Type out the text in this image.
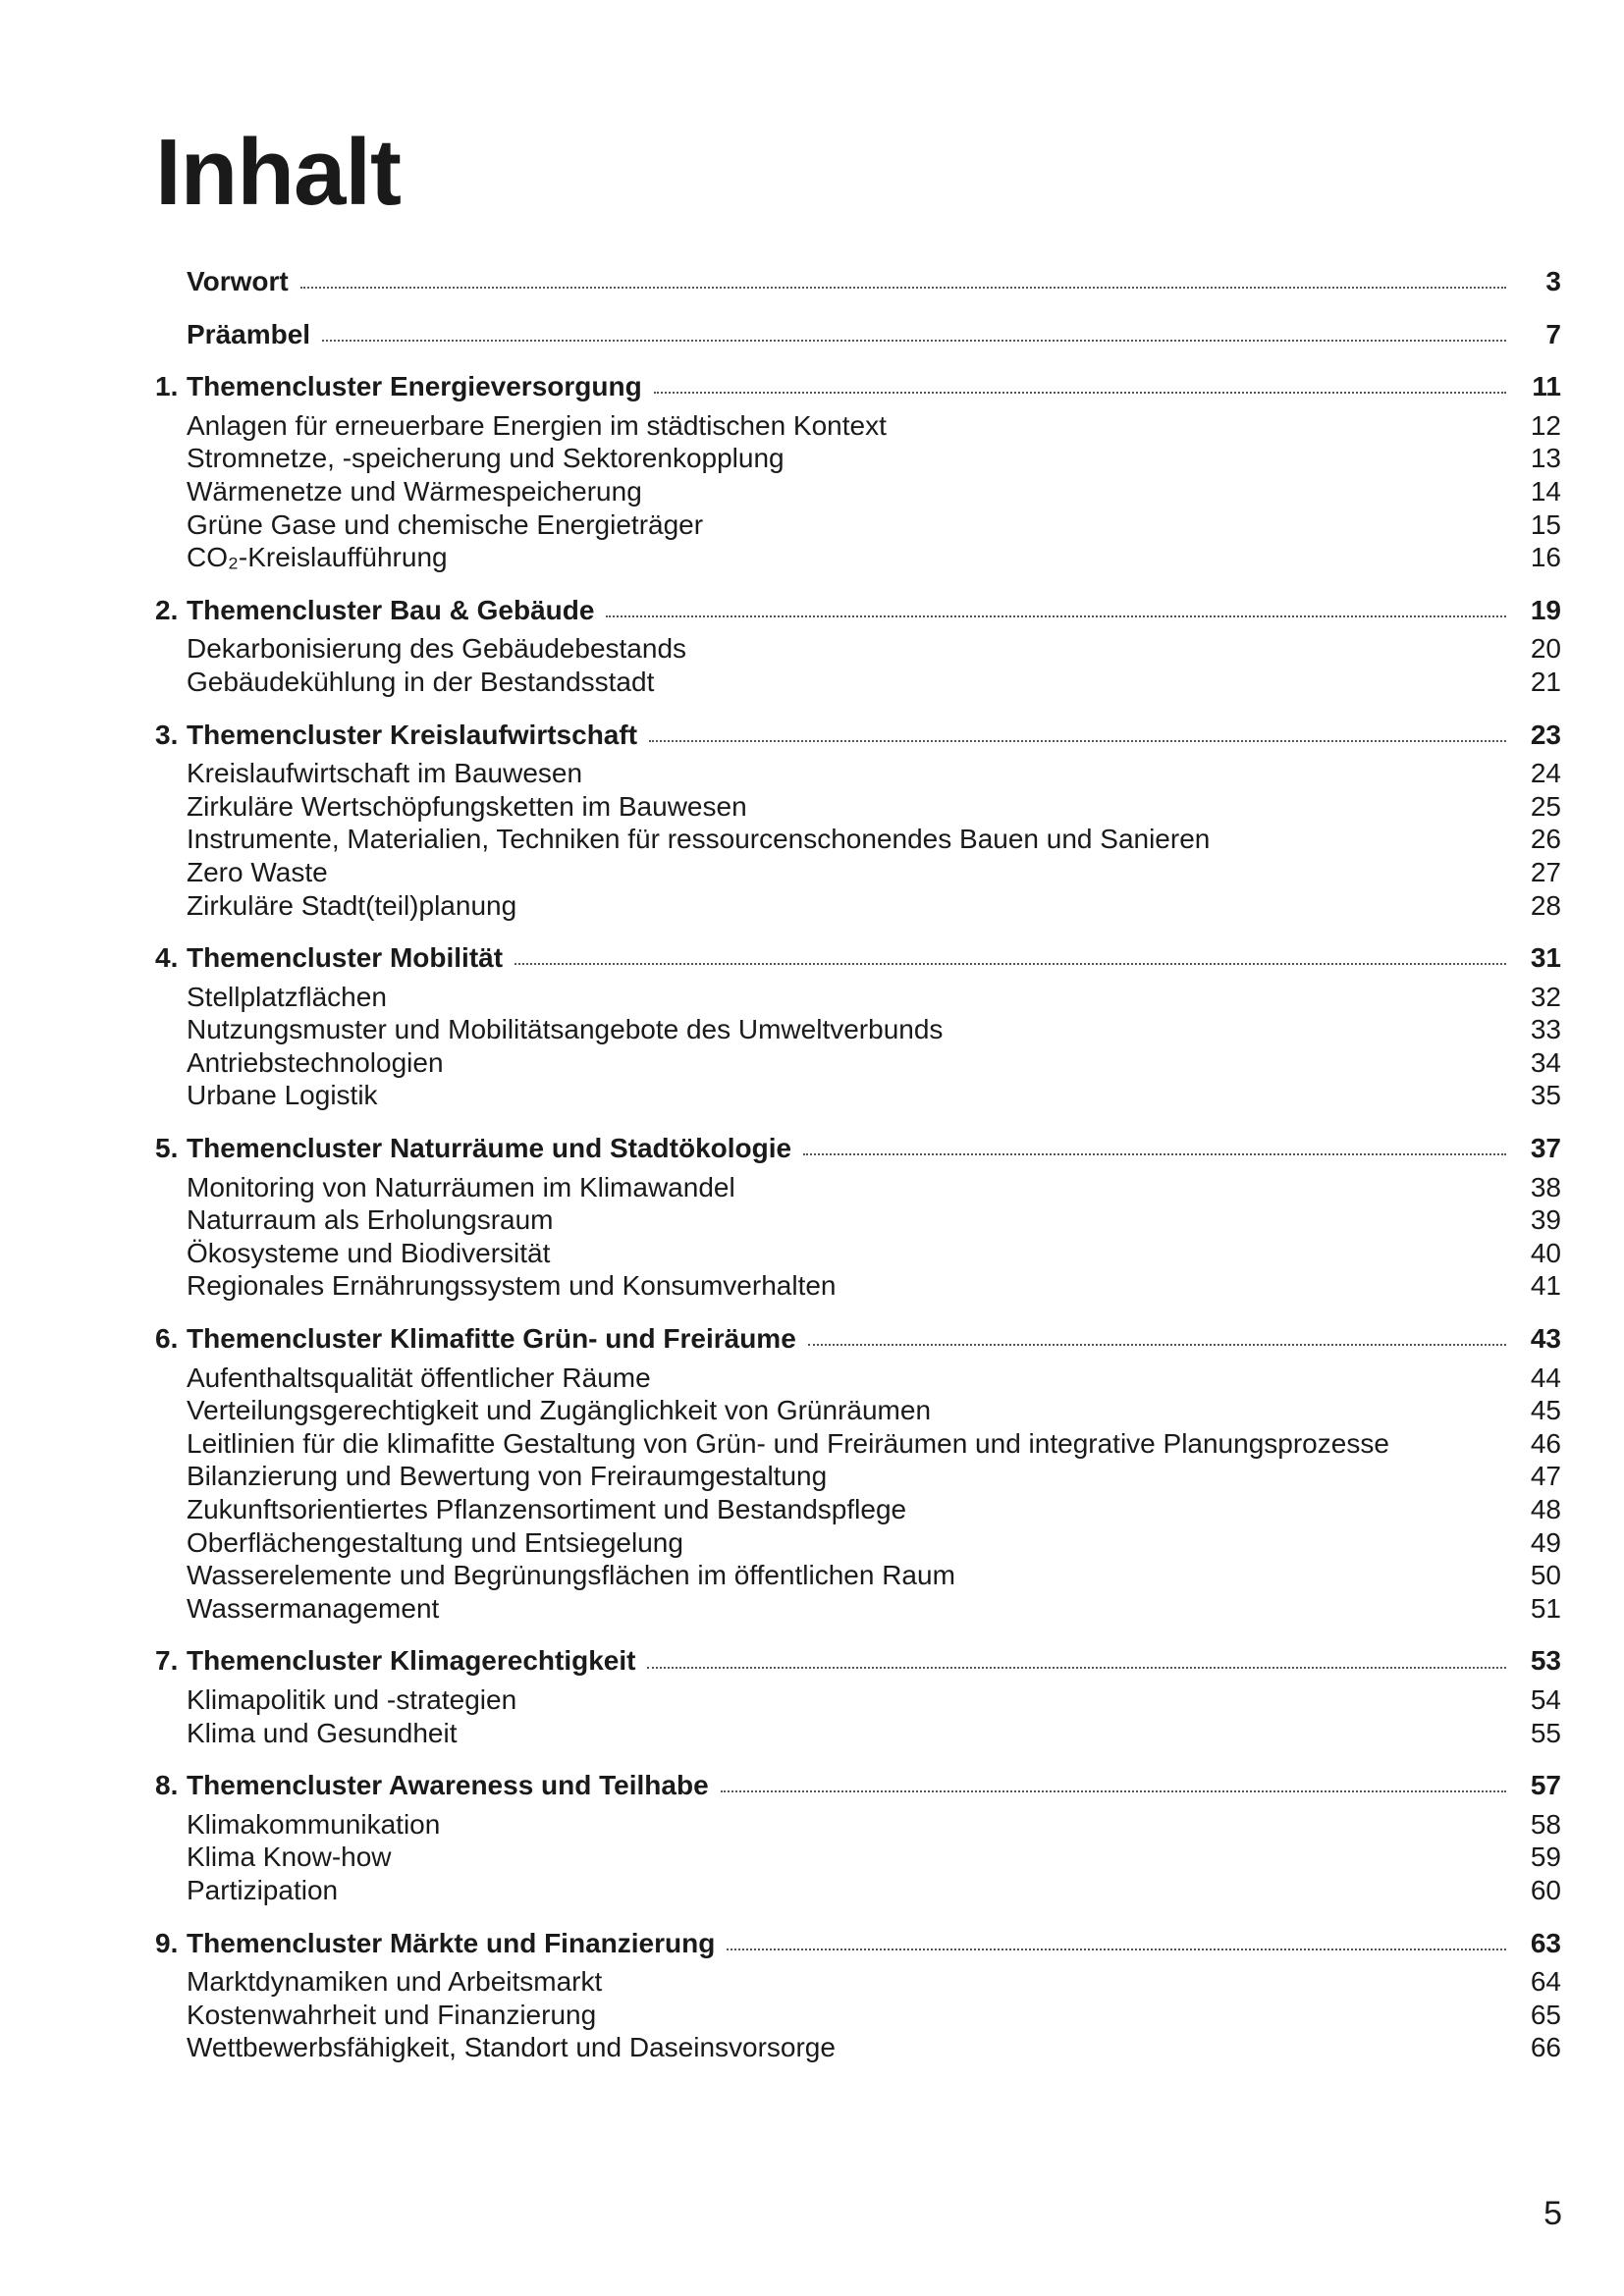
Inhalt
Vorwort	3
Präambel	7
1. Themencluster Energieversorgung	11
Anlagen für erneuerbare Energien im städtischen Kontext	12
Stromnetze, -speicherung und Sektorenkopplung	13
Wärmenetze und Wärmespeicherung	14
Grüne Gase und chemische Energieträger	15
CO₂-Kreislaufführung	16
2. Themencluster Bau & Gebäude	19
Dekarbonisierung des Gebäudebestands	20
Gebäudekühlung in der Bestandsstadt	21
3. Themencluster Kreislaufwirtschaft	23
Kreislaufwirtschaft im Bauwesen	24
Zirkuläre Wertschöpfungsketten im Bauwesen	25
Instrumente, Materialien, Techniken für ressourcenschonendes Bauen und Sanieren	26
Zero Waste	27
Zirkuläre Stadt(teil)planung	28
4. Themencluster Mobilität	31
Stellplatzflächen	32
Nutzungsmuster und Mobilitätsangebote des Umweltverbunds	33
Antriebstechnologien	34
Urbane Logistik	35
5. Themencluster Naturräume und Stadtökologie	37
Monitoring von Naturräumen im Klimawandel	38
Naturraum als Erholungsraum	39
Ökosysteme und Biodiversität	40
Regionales Ernährungssystem und Konsumverhalten	41
6. Themencluster Klimafitte Grün- und Freiräume	43
Aufenthaltsqualität öffentlicher Räume	44
Verteilungsgerechtigkeit und Zugänglichkeit von Grünräumen	45
Leitlinien für die klimafitte Gestaltung von Grün- und Freiräumen und integrative Planungsprozesse	46
Bilanzierung und Bewertung von Freiraumgestaltung	47
Zukunftsorientiertes Pflanzensortiment und Bestandspflege	48
Oberflächengestaltung und Entsiegelung	49
Wasserelemente und Begrünungsflächen im öffentlichen Raum	50
Wassermanagement	51
7. Themencluster Klimagerechtigkeit	53
Klimapolitik und -strategien	54
Klima und Gesundheit	55
8. Themencluster Awareness und Teilhabe	57
Klimakommunikation	58
Klima Know-how	59
Partizipation	60
9. Themencluster Märkte und Finanzierung	63
Marktdynamiken und Arbeitsmarkt	64
Kostenwahrheit und Finanzierung	65
Wettbewerbsfähigkeit, Standort und Daseinsvorsorge	66
5
